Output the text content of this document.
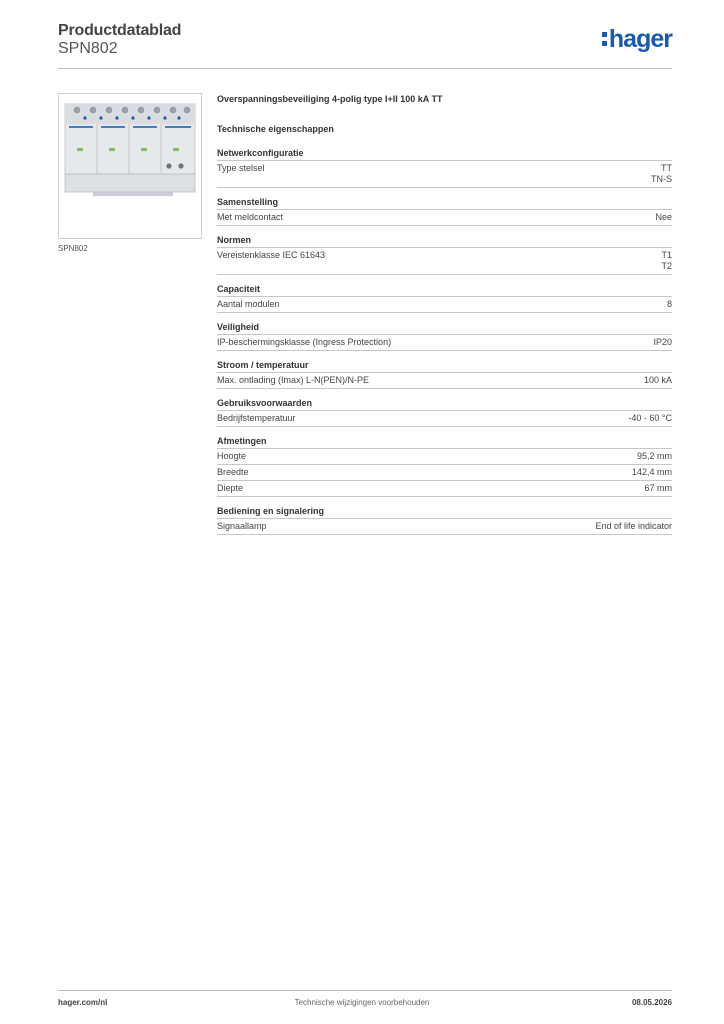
Productdatablad
SPN802	hager
SPN802
Overspanningsbeveiliging 4-polig type I+II 100 kA TT
Technische eigenschappen
Netwerkconfiguratie
Type stelsel	TT
TN-S
Samenstelling
Met meldcontact	Nee
Normen
Vereistenklasse IEC 61643	T1
T2
Capaciteit
Aantal modulen	8
Veiligheid
IP-beschermingsklasse (Ingress Protection)	IP20
Stroom / temperatuur
Max. ontlading (Imax) L-N(PEN)/N-PE	100 kA
Gebruiksvoorwaarden
Bedrijfstemperatuur	-40 - 60 °C
Afmetingen
Hoogte	95,2 mm
Breedte	142,4 mm
Diepte	67 mm
Bediening en signalering
Signaallamp	End of life indicator
hager.com/nl	Technische wijzigingen voorbehouden	08.05.2026
